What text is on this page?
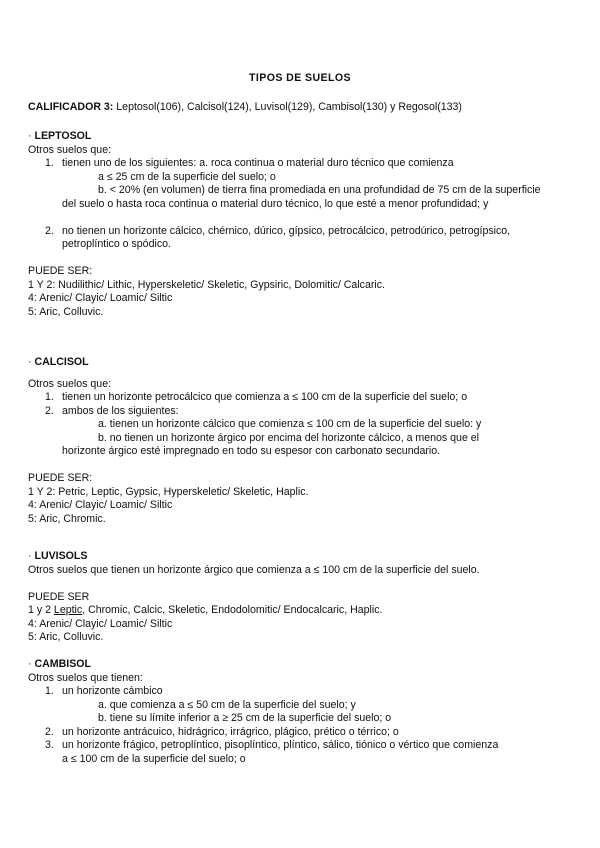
TIPOS DE SUELOS
CALIFICADOR 3: Leptosol(106), Calcisol(124), Luvisol(129), Cambisol(130) y Regosol(133)
· LEPTOSOL
Otros suelos que:
1. tienen uno de los siguientes: a. roca continua o material duro técnico que comienza
a ≤ 25 cm de la superficie del suelo; o
b. < 20% (en volumen) de tierra fina promediada en una profundidad de 75 cm de la superficie
del suelo o hasta roca continua o material duro técnico, lo que esté a menor profundidad; y
2. no tienen un horizonte cálcico, chérnico, dúrico, gípsico, petrocálcico, petrodúrico, petrogípsico,
petroplíntico o spódico.
PUEDE SER:
1 Y 2: Nudilithic/ Lithic, Hyperskeletic/ Skeletic, Gypsiric, Dolomitic/ Calcaric.
4: Arenic/ Clayic/ Loamic/ Siltic
5: Aric, Colluvic.
· CALCISOL
Otros suelos que:
1. tienen un horizonte petrocálcico que comienza a ≤ 100 cm de la superficie del suelo; o
2. ambos de los siguientes:
a. tienen un horizonte cálcico que comienza ≤ 100 cm de la superficie del suelo: y
b. no tienen un horizonte árgico por encima del horizonte cálcico, a menos que el
horizonte árgico esté impregnado en todo su espesor con carbonato secundario.
PUEDE SER:
1 Y 2: Petric, Leptic, Gypsic, Hyperskeletic/ Skeletic, Haplic.
4: Arenic/ Clayic/ Loamic/ Siltic
5: Aric, Chromic.
· LUVISOLS
Otros suelos que tienen un horizonte árgico que comienza a ≤ 100 cm de la superficie del suelo.
PUEDE SER
1 y 2 Leptic, Chromic, Calcic, Skeletic, Endodolomitic/ Endocalcaric, Haplic.
4: Arenic/ Clayic/ Loamic/ Siltic
5: Aric, Colluvic.
· CAMBISOL
Otros suelos que tienen:
1. un horizonte cámbico
a. que comienza a ≤ 50 cm de la superficie del suelo; y
b. tiene su límite inferior a ≥ 25 cm de la superficie del suelo; o
2. un horizonte antrácuico, hidrágrico, irrágrico, plágico, prético o térrico; o
3. un horizonte frágico, petroplíntico, pisoplíntico, plíntico, sálico, tiónico o vértico que comienza
a ≤ 100 cm de la superficie del suelo; o
